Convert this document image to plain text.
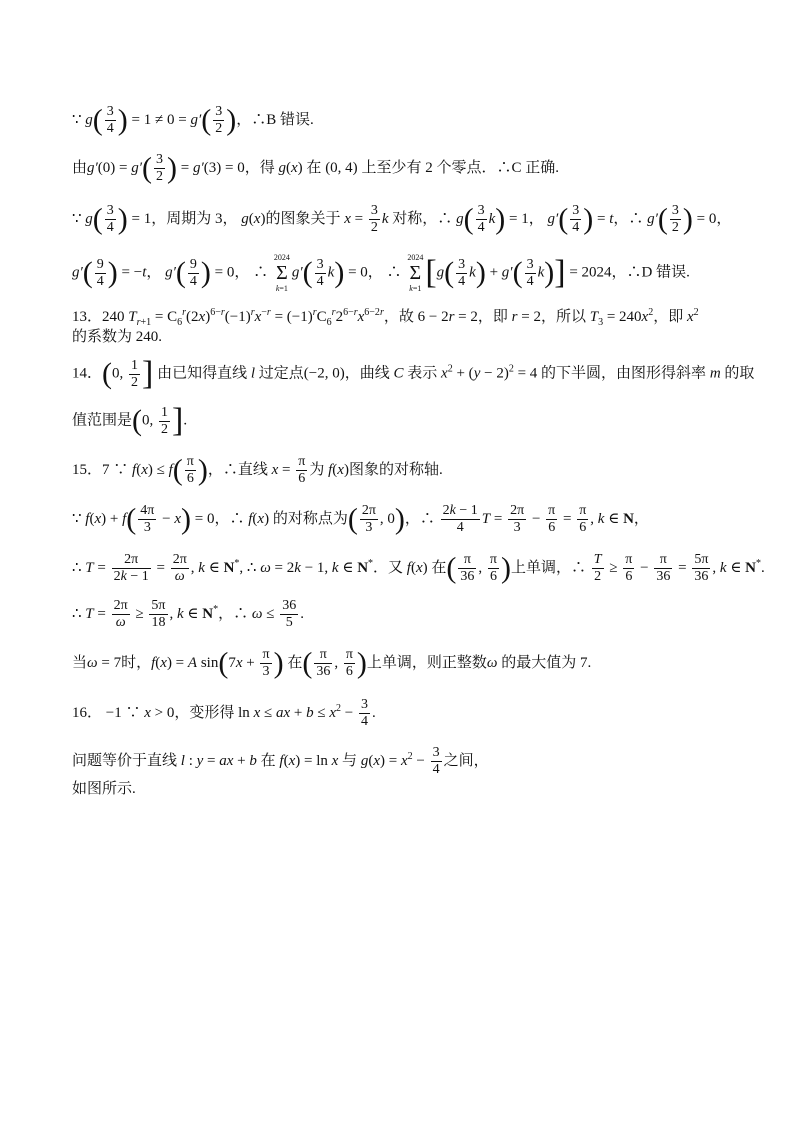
∵ $g( \frac{3}{4}$ ) = $1 \ne 0 = g'( \frac{3}{2}$ )，∴B 错误.
由$g'(0) = g'( \frac{3}{2}$ ) = g′(3) = 0，得 g(x) 在 (0, 4) 上至少有 2 个零点．∴C 正确.
∵ $g( \frac{3}{4}$ ) = 1，周期为 3， g(x)的图象关于 $x = \frac{3}{2}$ k 对称，∴ $g( \frac{3}{4} k) = 1$， $g'( \frac{3}{4}$ ) = t，∴ $g'( \frac{3}{2}$ ) = 0，
$g'( \frac{9}{4}$ ) = −t， $g'( \frac{9}{4}$ ) = 0， ∴
2024
Σ
k=1
$g'( \frac{3}{4} k) = 0$， ∴
2024
Σ
k=1 $[g( \frac{3}{4} k) + g'( \frac{3}{4} k)] = 2024$，∴D 错误.
13．240 $T_{r+1} = C_6^r(2x)^{6-r}(-1)^rx^{-r} = (-1)^rC_6^r2^{6-r}x^{6-2r}$，故 6 − 2r = 2，即 r = 2，所以 $T_3 = 240x^2$，即 $x^2$
的系数为 240.
14．(0, $\frac{1}{2}$ ] 由已知得直线 l 过定点(−2, 0)，曲线 C 表示 $x^2 + (y - 2)^2 = 4$ 的下半圆，由图形得斜率 m 的取
值范围是(0, $\frac{1}{2}$ ].
15．7 ∵ $f(x) \le f( \frac{\pi}{6}$ )，∴直线 $x = \frac{\pi}{6}$ 为 f(x)图象的对称轴.
∵ $f(x) + f( \frac{4\pi}{3} - x) = 0$，∴ f(x) 的对称点为( $\frac{2\pi}{3}$ , 0)，∴ $\frac{2k - 1}{4}$ $T = \frac{2\pi}{3} - \frac{\pi}{6} = \frac{\pi}{6}$ , k ∈ N，
∴ $T = \frac{2\pi}{2k - 1} = \frac{2\pi}{\omega}$ , k ∈ N*, ∴ ω = 2k − 1, k ∈ N*．又 f(x) 在( $\frac{\pi}{36}$ , $\frac{\pi}{6}$ )上单调，∴ $\frac{T}{2} \ge \frac{\pi}{6} - \frac{\pi}{36} = \frac{5\pi}{36}$ , k ∈ N*.
∴ $T = \frac{2\pi}{\omega} \ge \frac{5\pi}{18}$ , k ∈ N*，∴ $\omega \le \frac{36}{5}$ .
当ω = 7时，f(x) = A $\sin(7x + \frac{\pi}{3}$ ) 在( $\frac{\pi}{36}$ , $\frac{\pi}{6}$ )上单调，则正整数ω 的最大值为 7.
16． −1 ∵ x > 0，变形得 ln x ≤ ax + $b \le x^2 - \frac{3}{4}$ .
问题等价于直线 l : y = ax + b 在 f(x) = ln x 与 $g(x) = x^2 - \frac{3}{4}$ 之间，
如图所示.
